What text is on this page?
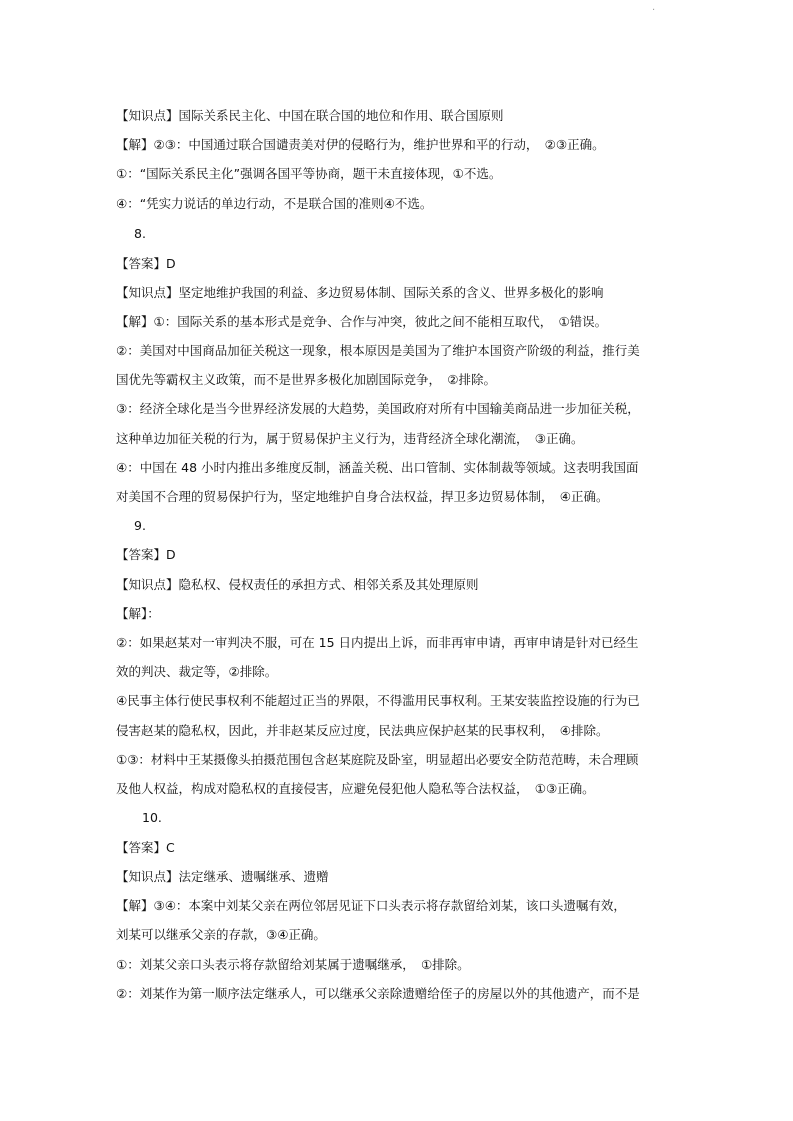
.
【知识点】国际关系民主化、中国在联合国的地位和作用、联合国原则
【解】②③：中国通过联合国谴责美对伊的侵略行为，维护世界和平的行动，　②③正确。
①：“国际关系民主化”强调各国平等协商，题干未直接体现，①不选。
④：“凭实力说话的单边行动，不是联合国的准则④不选。
8.
【答案】D
【知识点】坚定地维护我国的利益、多边贸易体制、国际关系的含义、世界多极化的影响
【解】①：国际关系的基本形式是竞争、合作与冲突，彼此之间不能相互取代，　①错误。
②：美国对中国商品加征关税这一现象，根本原因是美国为了维护本国资产阶级的利益，推行美
国优先等霸权主义政策，而不是世界多极化加剧国际竞争，　②排除。
③：经济全球化是当今世界经济发展的大趋势，美国政府对所有中国输美商品进一步加征关税，
这种单边加征关税的行为，属于贸易保护主义行为，违背经济全球化潮流，　③正确。
④：中国在 48 小时内推出多维度反制，涵盖关税、出口管制、实体制裁等领域。这表明我国面
对美国不合理的贸易保护行为，坚定地维护自身合法权益，捍卫多边贸易体制，　④正确。
9.
【答案】D
【知识点】隐私权、侵权责任的承担方式、相邻关系及其处理原则
【解】：
②：如果赵某对一审判决不服，可在 15 日内提出上诉，而非再审申请，再审申请是针对已经生
效的判决、裁定等，②排除。
④民事主体行使民事权利不能超过正当的界限，不得滥用民事权利。王某安装监控设施的行为已
侵害赵某的隐私权，因此，并非赵某反应过度，民法典应保护赵某的民事权利，　④排除。
①③：材料中王某摄像头拍摄范围包含赵某庭院及卧室，明显超出必要安全防范范畴，未合理顾
及他人权益，构成对隐私权的直接侵害，应避免侵犯他人隐私等合法权益，　①③正确。
10.
【答案】C
【知识点】法定继承、遗嘱继承、遗赠
【解】③④：本案中刘某父亲在两位邻居见证下口头表示将存款留给刘某，该口头遗嘱有效，
刘某可以继承父亲的存款，③④正确。
①：刘某父亲口头表示将存款留给刘某属于遗嘱继承，　①排除。
②：刘某作为第一顺序法定继承人，可以继承父亲除遗赠给侄子的房屋以外的其他遗产，而不是
